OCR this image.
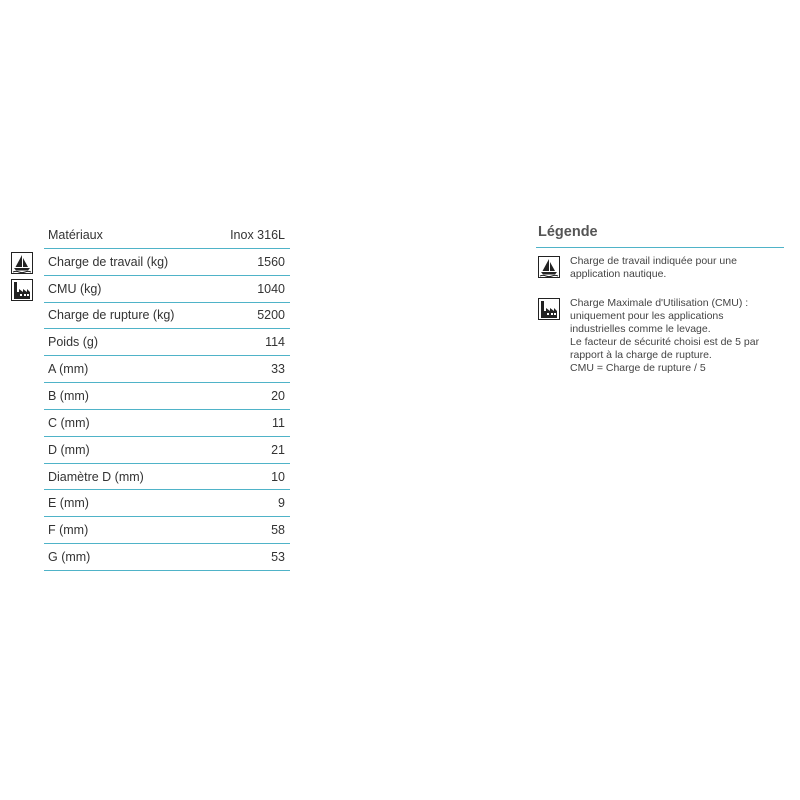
Matériaux	Inox 316L
Charge de travail (kg)	1560
CMU (kg)	1040
Charge de rupture (kg)	5200
Poids (g)	114
A (mm)	33
B (mm)	20
C (mm)	11
D (mm)	21
Diamètre D (mm)	10
E (mm)	9
F (mm)	58
G (mm)	53
Légende
Charge de travail indiquée pour une
application nautique.
Charge Maximale d'Utilisation (CMU) :
uniquement pour les applications
industrielles comme le levage.
Le facteur de sécurité choisi est de 5 par
rapport à la charge de rupture.
CMU = Charge de rupture / 5
